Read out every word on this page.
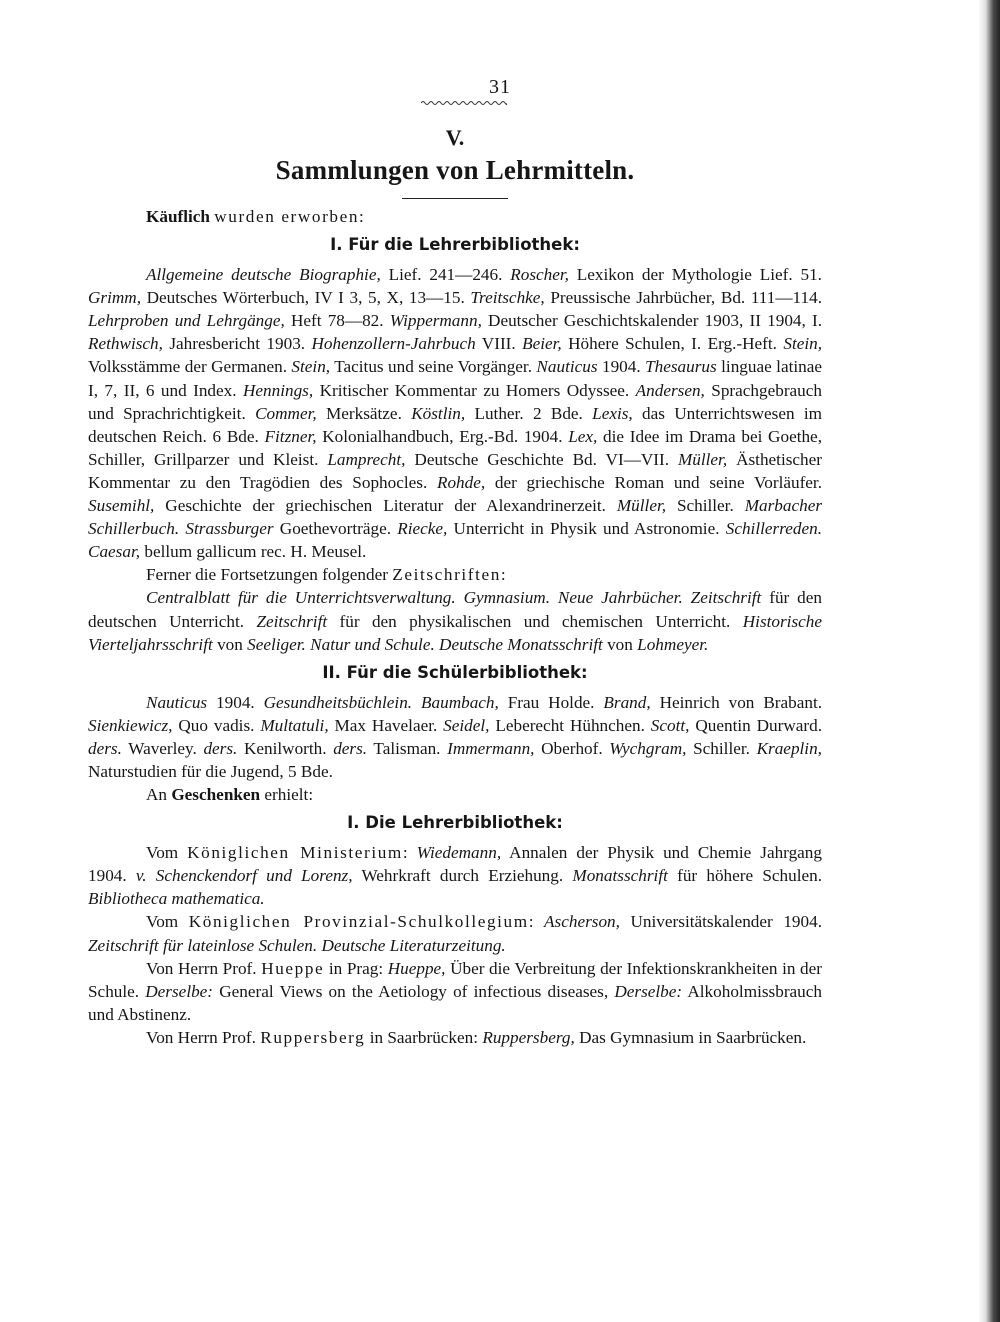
31
V.
Sammlungen von Lehrmitteln.
Käuflich wurden erworben:
I. Für die Lehrerbibliothek:

Allgemeine deutsche Biographie, Lief. 241—246. Roscher, Lexikon der Mythologie Lief. 51. Grimm, Deutsches Wörterbuch, IV I 3, 5, X, 13—15. Treitschke, Preussische Jahrbücher, Bd. 111—114. Lehrproben und Lehrgänge, Heft 78—82. Wippermann, Deutscher Geschichtskalender 1903, II 1904, I. Rethwisch, Jahresbericht 1903. Hohenzollern-Jahrbuch VIII. Beier, Höhere Schulen, I. Erg.-Heft. Stein, Volksstämme der Germanen. Stein, Tacitus und seine Vorgänger. Nauticus 1904. Thesaurus linguae latinae I, 7, II, 6 und Index. Hennings, Kritischer Kommentar zu Homers Odyssee. Andersen, Sprachgebrauch und Sprachrichtigkeit. Commer, Merksätze. Köstlin, Luther. 2 Bde. Lexis, das Unterrichtswesen im deutschen Reich. 6 Bde. Fitzner, Kolonialhandbuch, Erg.-Bd. 1904. Lex, die Idee im Drama bei Goethe, Schiller, Grillparzer und Kleist. Lamprecht, Deutsche Geschichte Bd. VI—VII. Müller, Ästhetischer Kommentar zu den Tragödien des Sophocles. Rohde, der griechische Roman und seine Vorläufer. Susemihl, Geschichte der griechischen Literatur der Alexandrinerzeit. Müller, Schiller. Marbacher Schillerbuch. Strassburger Goethevorträge. Riecke, Unterricht in Physik und Astronomie. Schillerreden. Caesar, bellum gallicum rec. H. Meusel.

Ferner die Fortsetzungen folgender Zeitschriften:

Centralblatt für die Unterrichtsverwaltung. Gymnasium. Neue Jahrbücher. Zeitschrift für den deutschen Unterricht. Zeitschrift für den physikalischen und chemischen Unterricht. Historische Vierteljahrsschrift von Seeliger. Natur und Schule. Deutsche Monatsschrift von Lohmeyer.

II. Für die Schülerbibliothek:

Nauticus 1904. Gesundheitsbüchlein. Baumbach, Frau Holde. Brand, Heinrich von Brabant. Sienkiewicz, Quo vadis. Multatuli, Max Havelaer. Seidel, Leberecht Hühnchen. Scott, Quentin Durward. ders. Waverley. ders. Kenilworth. ders. Talisman. Immermann, Oberhof. Wychgram, Schiller. Kraeplin, Naturstudien für die Jugend, 5 Bde.

An Geschenken erhielt:

I. Die Lehrerbibliothek:

Vom Königlichen Ministerium: Wiedemann, Annalen der Physik und Chemie Jahrgang 1904. v. Schenckendorf und Lorenz, Wehrkraft durch Erziehung. Monatsschrift für höhere Schulen. Bibliotheca mathematica.

Vom Königlichen Provinzial-Schulkollegium: Ascherson, Universitätskalender 1904. Zeitschrift für lateinlose Schulen. Deutsche Literaturzeitung.

Von Herrn Prof. Hueppe in Prag: Hueppe, Über die Verbreitung der Infektionskrankheiten in der Schule. Derselbe: General Views on the Aetiology of infectious diseases, Derselbe: Alkoholmissbrauch und Abstinenz.

Von Herrn Prof. Ruppersberg in Saarbrücken: Ruppersberg, Das Gymnasium in Saarbrücken.
